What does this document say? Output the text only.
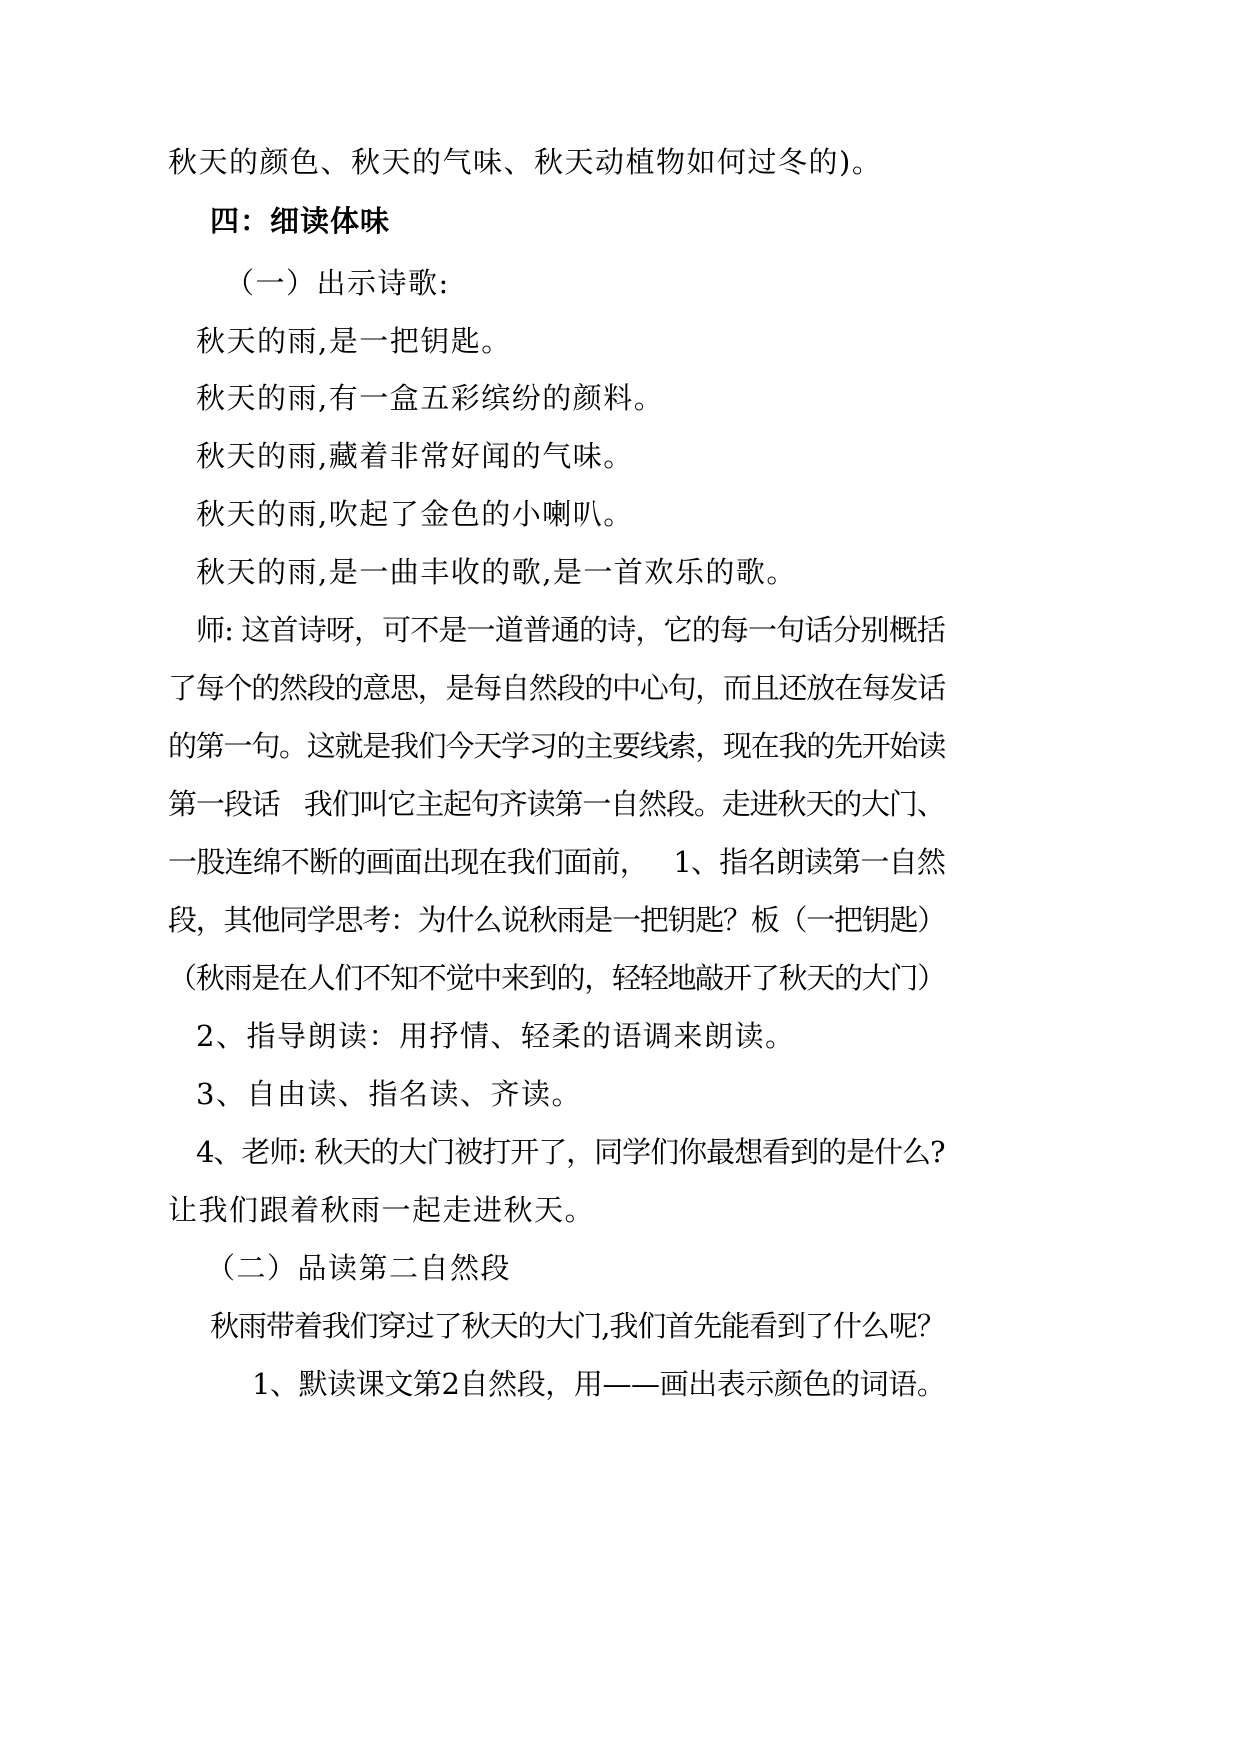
秋天的颜色、秋天的气味、秋天动植物如何过冬的)。
四：细读体味
（一）出示诗歌:
秋天的雨,是一把钥匙。
秋天的雨,有一盒五彩缤纷的颜料。
秋天的雨,藏着非常好闻的气味。
秋天的雨,吹起了金色的小喇叭。
秋天的雨,是一曲丰收的歌,是一首欢乐的歌。
师: 这首诗呀，可不是一道普通的诗，它的每一句话分别概括
了每个的然段的意思，是每自然段的中心句，而且还放在每发话
的第一句。这就是我们今天学习的主要线索，现在我的先开始读
第一段话   我们叫它主起句齐读第一自然段。走进秋天的大门、
一股连绵不断的画面出现在我们面前，   1、指名朗读第一自然
段，其他同学思考：为什么说秋雨是一把钥匙？板（一把钥匙）
（秋雨是在人们不知不觉中来到的，轻轻地敲开了秋天的大门）
2、指导朗读：用抒情、轻柔的语调来朗读。
3、自由读、指名读、齐读。
4、老师: 秋天的大门被打开了，同学们你最想看到的是什么?
让我们跟着秋雨一起走进秋天。
（二）品读第二自然段
秋雨带着我们穿过了秋天的大门,我们首先能看到了什么呢？
1、默读课文第2自然段，用——画出表示颜色的词语。
